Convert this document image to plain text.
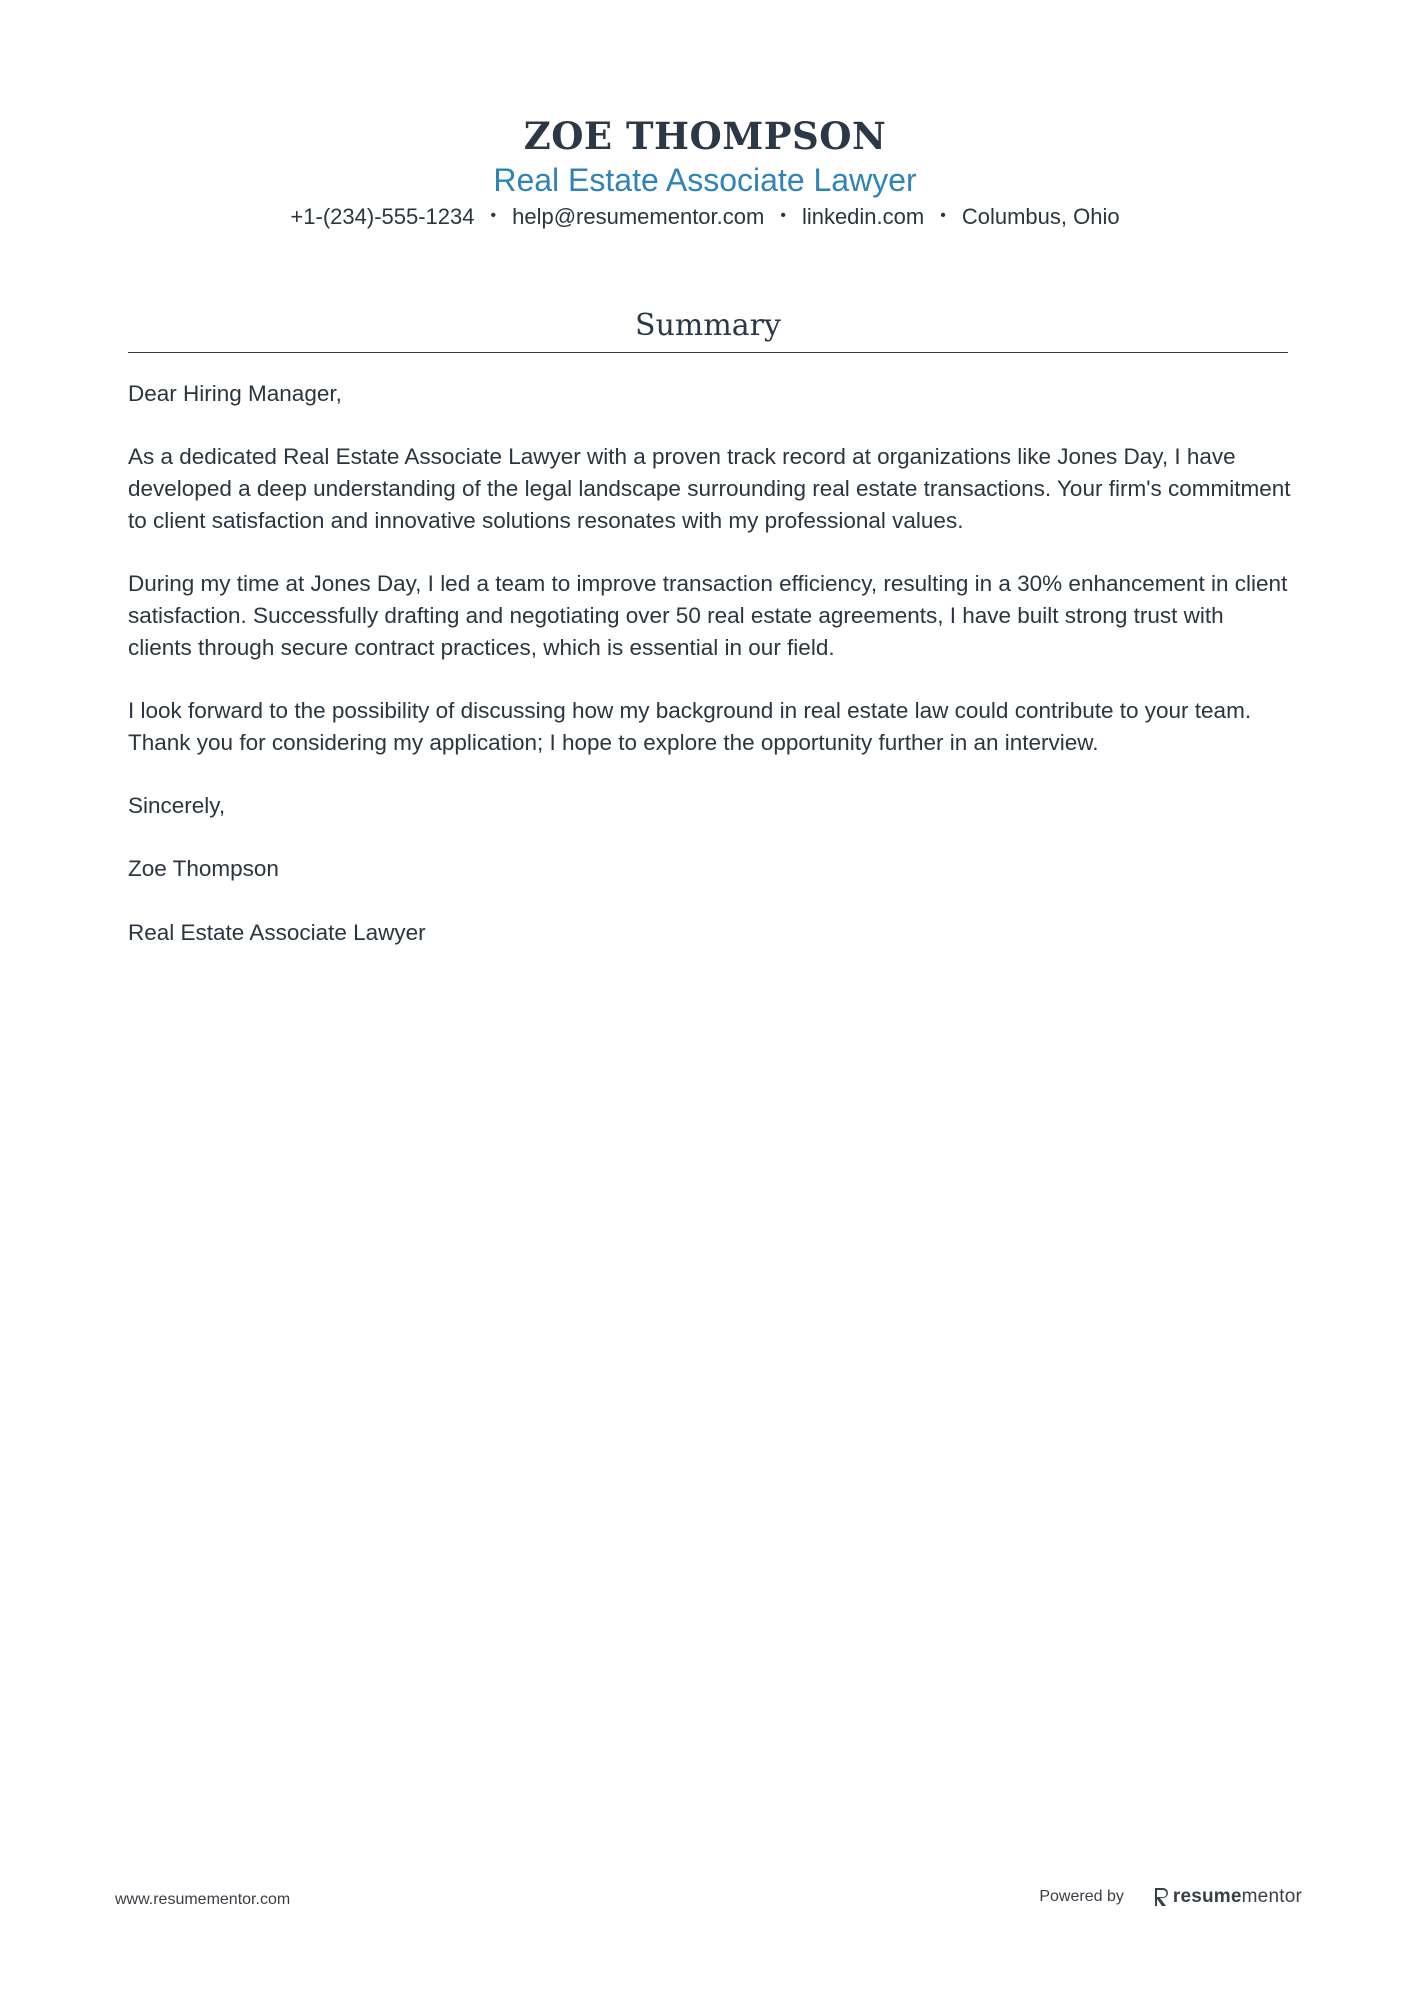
ZOE THOMPSON
Real Estate Associate Lawyer
+1-(234)-555-1234 • help@resumementor.com • linkedin.com • Columbus, Ohio
Summary

Dear Hiring Manager,

As a dedicated Real Estate Associate Lawyer with a proven track record at organizations like Jones Day, I have developed a deep understanding of the legal landscape surrounding real estate transactions. Your firm's commitment to client satisfaction and innovative solutions resonates with my professional values.

During my time at Jones Day, I led a team to improve transaction efficiency, resulting in a 30% enhancement in client satisfaction. Successfully drafting and negotiating over 50 real estate agreements, I have built strong trust with clients through secure contract practices, which is essential in our field.

I look forward to the possibility of discussing how my background in real estate law could contribute to your team. Thank you for considering my application; I hope to explore the opportunity further in an interview.

Sincerely,

Zoe Thompson

Real Estate Associate Lawyer

www.resumementor.com	Powered by	resume mentor
